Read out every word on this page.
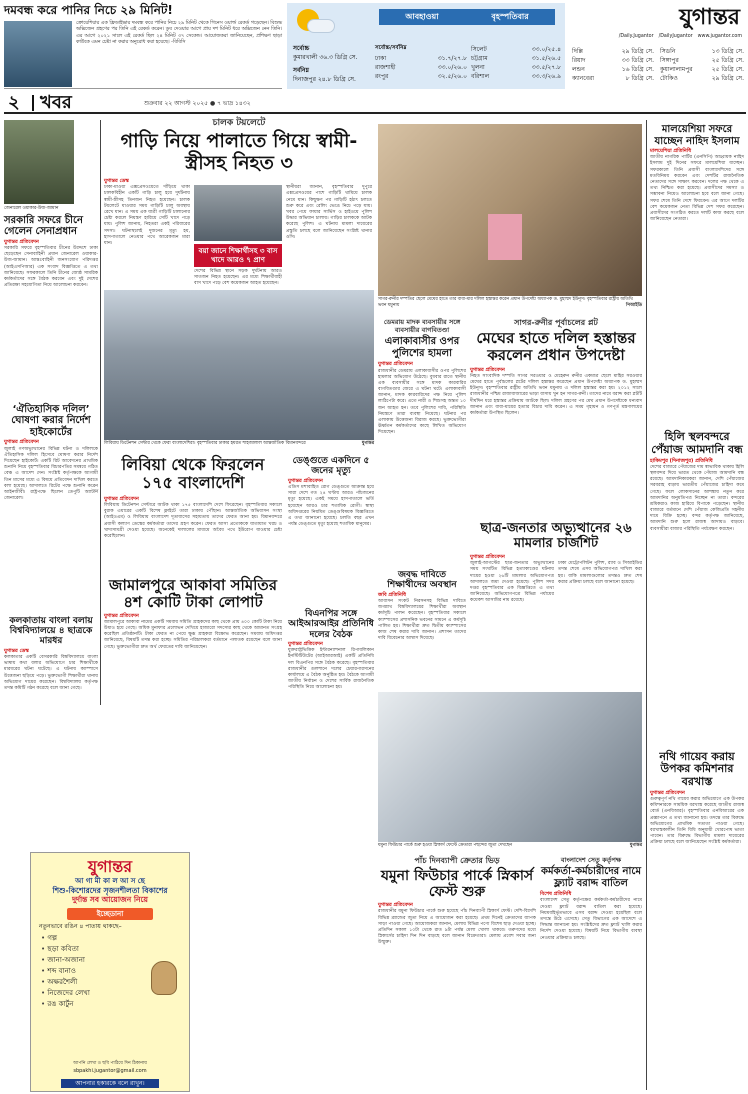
দমবন্ধ করে পানির নিচে ২৯ মিনিট!
ক্রোয়েশিয়ার এক ফ্রিডাইভার দমবন্ধ করে পানির নিচে ২৯ মিনিট থেকে গিনেস ওয়ার্ল্ড রেকর্ড গড়েছেন। বিশুদ্ধ অক্সিজেন গ্রহণের পর তিনি এই রেকর্ড করেন। ডুব দেওয়ার আগে প্রায় দশ মিনিট ধরে অক্সিজেন নেন তিনি। এর আগে ২০২১ সালে এই রেকর্ড ছিল ২৪ মিনিট ৩৭ সেকেন্ড। আয়োজকরা জানিয়েছেন, প্রশিক্ষণ ছাড়া কাউকে এমন চেষ্টা না করার অনুরোধ করা হয়েছে। -বিবিসি
আবহাওয়া	বৃহস্পতিবার
সর্বোচ্চ
কুমারখালী ৩৬.৩ ডিগ্রি সে.
সর্বনিম্ন
দিনাজপুর ২৪.৮ ডিগ্রি সে.
সর্বোচ্চ/সর্বনিম্ন
ঢাকা	৩১.৭/২৭.৮
রাজশাহী	৩৩.০/২৬.০
রংপুর	৩২.৫/২৬.০
সিলেট	৩৩.০/২৫.৪
চট্টগ্রাম	৩১.৫/২৬.৫
খুলনা	৩৩.৫/২৭.৮
বরিশাল	৩৩.৩/২৬.৯
যুগান্তর
/Daily.Jugantor /DailyJugantor www.jugantor.com
দিল্লি	২৯ ডিগ্রি সে.
রিয়াদ	৩৩ ডিগ্রি সে.
লন্ডন	১৬ ডিগ্রি সে.
ক্যানবেরা	৮ ডিগ্রি সে.
সিডনি	১৩ ডিগ্রি সে.
সিঙ্গাপুর	২৫ ডিগ্রি সে.
কুয়ালালামপুর	২৫ ডিগ্রি সে.
টোকিও	২৯ ডিগ্রি সে.
২ খবর	শুক্রবার ২২ আগস্ট ২০২৫ ● ৭ ভাদ্র ১৪৩২
জেনারেল ওয়াকার-উজ-জামান
সরকারি সফরে চীনে গেলেন সেনাপ্রধান
যুগান্তর প্রতিবেদন
সরকারি সফরে বৃহস্পতিবার চীনের উদ্দেশে ঢাকা ছেড়েছেন সেনাবাহিনী প্রধান জেনারেল ওয়াকার-উজ-জামান। আন্তঃবাহিনী জনসংযোগ পরিদপ্তর (আইএসপিআর) এক সংবাদ বিজ্ঞপ্তিতে এ তথ্য জানিয়েছে। সফরকালে তিনি চীনের জ্যেষ্ঠ সামরিক কর্মকর্তাদের সঙ্গে বৈঠক করবেন এবং দুই দেশের প্রতিরক্ষা সহযোগিতা নিয়ে আলোচনা করবেন।
‘ঐতিহাসিক দলিল’ ঘোষণা করার নির্দেশ হাইকোর্টের
যুগান্তর প্রতিবেদন
জুলাই গণঅভ্যুত্থানের বিভিন্ন ঘটনা ও দলিলকে ঐতিহাসিক দলিল হিসেবে ঘোষণা করার নির্দেশ দিয়েছেন হাইকোর্ট। একটি রিট আবেদনের প্রাথমিক শুনানি নিয়ে বৃহস্পতিবার বিচারপতির সমন্বয়ে গঠিত বেঞ্চ এ আদেশ দেন। সংশ্লিষ্ট কর্তৃপক্ষকে আগামী তিন মাসের মধ্যে এ বিষয়ে প্রতিবেদন দাখিল করতে বলা হয়েছে। আদালতে রিটের পক্ষে শুনানি করেন আইনজীবী। রাষ্ট্রপক্ষে ছিলেন ডেপুটি অ্যাটর্নি জেনারেল।
কলকাতায় বাংলা বলায় বিশ্ববিদ্যালয়ে ৪ ছাত্রকে মারধর
যুগান্তর ডেস্ক
কলকাতার একটি বেসরকারি বিশ্ববিদ্যালয়ে বাংলা ভাষায় কথা বলার অভিযোগে চার শিক্ষার্থীকে মারধরের ঘটনা ঘটেছে। এ ঘটনায় ক্যাম্পাসে উত্তেজনা ছড়িয়ে পড়ে। ভুক্তভোগী শিক্ষার্থীরা থানায় অভিযোগ দায়ের করেছেন। বিশ্ববিদ্যালয় কর্তৃপক্ষ তদন্ত কমিটি গঠন করেছে বলে জানা গেছে।
চালক টয়লেটে
গাড়ি নিয়ে পালাতে গিয়ে স্বামী-স্ত্রীসহ নিহত ৩
যুগান্তর ডেস্ক
ঢাকা-মাওয়া এক্সপ্রেসওয়েতে দাঁড়িয়ে থাকা চালকবিহীন একটি গাড়ি চালু হয়ে দুর্ঘটনায় স্বামী-স্ত্রীসহ তিনজন নিহত হয়েছেন। চালক টয়লেটে যাওয়ার সময় গাড়িটি চালু অবস্থায় রেখে যান। এ সময় এক যাত্রী গাড়িটি চালানোর চেষ্টা করলে নিয়ন্ত্রণ হারিয়ে সেটি খাদে পড়ে যায়। পুলিশ জানায়, নিহতরা একই পরিবারের সদস্য। ঘটনাস্থলেই দুজনের মৃত্যু হয়, হাসপাতালে নেওয়ার পথে আরেকজন মারা যান।
বয়া জানে শিক্ষার্থীসহ ৩ বাস খাদে আরও ৭ প্রাণ
দেশের বিভিন্ন স্থানে সড়ক দুর্ঘটনায় আরও সাতজন নিহত হয়েছেন। এর মধ্যে শিক্ষার্থীবাহী বাস খাদে পড়ে বেশ কয়েকজন আহত হয়েছেন।
স্থানীয়রা জানান, বৃহস্পতিবার দুপুরে এক্সপ্রেসওয়ের পাশে গাড়িটি থামিয়ে চালক নেমে যান। কিছুক্ষণ পর গাড়িটি হঠাৎ চলতে শুরু করে এবং রেলিং ভেঙে নিচে পড়ে যায়। খবর পেয়ে ফায়ার সার্ভিস ও হাইওয়ে পুলিশ উদ্ধার অভিযান চালায়। গাড়ির চালককে আটক করেছে পুলিশ। এ ঘটনায় মামলা দায়েরের প্রস্তুতি চলছে বলে জানিয়েছেন সংশ্লিষ্ট থানার ওসি।
লিবিয়ায় ডিটেনশন সেন্টার থেকে ফেরা বাংলাদেশিরা। বৃহস্পতিবার ঢাকার হযরত শাহজালাল আন্তর্জাতিক বিমানবন্দরে	যুগান্তর
লিবিয়া থেকে ফিরলেন ১৭৫ বাংলাদেশি
যুগান্তর প্রতিবেদন
লিবিয়ায় ডিটেনশন সেন্টারে আটক থাকা ১৭৫ বাংলাদেশি দেশে ফিরেছেন। বৃহস্পতিবার সকালে বুরাক এয়ারের একটি বিশেষ ফ্লাইটে তারা ঢাকায় পৌঁছান। আন্তর্জাতিক অভিবাসন সংস্থা (আইওএম) ও লিবিয়ায় বাংলাদেশ দূতাবাসের সহায়তায় তাদের ফেরত আনা হয়। বিমানবন্দরে প্রবাসী কল্যাণ ডেস্কের কর্মকর্তারা তাদের গ্রহণ করেন। ফেরত আসা প্রত্যেককে যাতায়াত খরচ ও খাদ্যসামগ্রী দেওয়া হয়েছে। অনেকেই দালালের মাধ্যমে অবৈধ পথে ইউরোপ যাওয়ার চেষ্টা করেছিলেন।
জামালপুরে আকাবা সমিতির ৪শ কোটি টাকা লোপাট
যুগান্তর প্রতিবেদন
জামালপুরে আকাবা নামের একটি সমবায় সমিতি গ্রাহকদের কাছ থেকে প্রায় ৪০০ কোটি টাকা নিয়ে উধাও হয়ে গেছে। অধিক মুনাফার প্রলোভন দেখিয়ে হাজারো সদস্যের কাছ থেকে আমানত সংগ্রহ করেছিল প্রতিষ্ঠানটি। টাকা ফেরত না পেয়ে ক্ষুব্ধ গ্রাহকরা বিক্ষোভ করেছেন। সমবায় অধিদপ্তর জানিয়েছে, বিষয়টি তদন্ত করা হচ্ছে। সমিতির পরিচালকরা বর্তমানে পলাতক রয়েছেন বলে জানা গেছে। ভুক্তভোগীরা দ্রুত অর্থ ফেরতের দাবি জানিয়েছেন।
ডেঙ্গুতে একদিনে ৫ জনের মৃত্যু
যুগান্তর প্রতিবেদন
এডিস মশাবাহিত রোগ ডেঙ্গুতে আক্রান্ত হয়ে সারা দেশে গত ২৪ ঘণ্টায় আরও পাঁচজনের মৃত্যু হয়েছে। একই সময়ে হাসপাতালে ভর্তি হয়েছেন আরও চার শতাধিক রোগী। স্বাস্থ্য অধিদপ্তরের নিয়মিত ডেঙ্গুবিষয়ক বিজ্ঞপ্তিতে এ তথ্য জানানো হয়েছে। চলতি বছর এখন পর্যন্ত ডেঙ্গুতে মৃত্যু হয়েছে শতাধিক মানুষের।
বিএনপির সঙ্গে আইআরআইর প্রতিনিধি দলের বৈঠক
যুগান্তর প্রতিবেদন
যুক্তরাষ্ট্রভিত্তিক ইন্টারন্যাশনাল রিপাবলিকান ইনস্টিটিউটের (আইআরআই) একটি প্রতিনিধি দল বিএনপির সঙ্গে বৈঠক করেছে। বৃহস্পতিবার রাজধানীর গুলশানে দলের চেয়ারপারসনের কার্যালয়ে এ বৈঠক অনুষ্ঠিত হয়। বৈঠকে আগামী জাতীয় নির্বাচন ও দেশের সার্বিক রাজনৈতিক পরিস্থিতি নিয়ে আলোচনা হয়।
সাগর-রুনীর দম্পতির ছেলে মেঘের হাতে তার বাবা-মার দলিল হস্তান্তর করেন প্রধান উপদেষ্টা অধ্যাপক ড. মুহাম্মদ ইউনূস। বৃহস্পতিবার রাষ্ট্রীয় অতিথি ভবন যমুনায়	পিআইডি
সাগর-রুনীর পূর্বাচলের প্লট
মেঘের হাতে দলিল হস্তান্তর করলেন প্রধান উপদেষ্টা
যুগান্তর প্রতিবেদন
নিহত সাংবাদিক দম্পতি সাগর সরওয়ার ও মেহেরুন রুনীর একমাত্র ছেলে মাহির সরওয়ার মেঘের হাতে পূর্বাচলের প্লটের দলিল হস্তান্তর করেছেন প্রধান উপদেষ্টা অধ্যাপক ড. মুহাম্মদ ইউনূস। বৃহস্পতিবার রাষ্ট্রীয় অতিথি ভবন যমুনায় এ দলিল হস্তান্তর করা হয়। ২০১২ সালে রাজধানীর পশ্চিম রাজাবাজারের ভাড়া বাসায় খুন হন সাগর-রুনী। তাদের নামে বরাদ্দ করা প্লটটি দীর্ঘদিন ধরে হস্তান্তর প্রক্রিয়ায় আটকে ছিল। দলিল গ্রহণের পর মেঘ প্রধান উপদেষ্টাকে ধন্যবাদ জানান এবং বাবা-মায়ের হত্যার বিচার দাবি করেন। এ সময় গৃহায়ন ও গণপূর্ত মন্ত্রণালয়ের কর্মকর্তারা উপস্থিত ছিলেন।
ডেমরায় মাদক ব্যবসায়ীর সঙ্গে ব্যবসায়ীর বাগবিতণ্ডা
এলাকাবাসীর ওপর পুলিশের হামলা
যুগান্তর প্রতিবেদন
রাজধানীর ডেমরায় এলাকাবাসীর ওপর পুলিশের হামলার অভিযোগ উঠেছে। বুধবার রাতে স্থানীয় এক ব্যবসায়ীর সঙ্গে মাদক কারবারির বাগবিতণ্ডার জেরে এ ঘটনা ঘটে। এলাকাবাসী জানান, মাদক কারবারিদের পক্ষ নিয়ে পুলিশ লাঠিপেটা করে। এতে নারী ও শিশুসহ অন্তত ১০ জন আহত হন। তবে পুলিশের দাবি, পরিস্থিতি নিয়ন্ত্রণে তারা ব্যবস্থা নিয়েছে। ঘটনার পর এলাকায় উত্তেজনা বিরাজ করছে। ভুক্তভোগীরা ঊর্ধ্বতন কর্মকর্তাদের কাছে লিখিত অভিযোগ দিয়েছেন।
জবদ্ধ দাবিতে শিক্ষাথীদের অবস্থান
জবি প্রতিনিধি
আবাসন সংকট নিরসনসহ বিভিন্ন দাবিতে জগন্নাথ বিশ্ববিদ্যালয়ের শিক্ষার্থীরা অবস্থান কর্মসূচি পালন করেছেন। বৃহস্পতিবার সকালে ক্যাম্পাসের প্রশাসনিক ভবনের সামনে এ কর্মসূচি পালিত হয়। শিক্ষার্থীরা দ্রুত দ্বিতীয় ক্যাম্পাসের কাজ শেষ করার দাবি জানান। প্রশাসন তাদের দাবি বিবেচনার আশ্বাস দিয়েছে।
ছাত্র-জনতার অভ্যুত্থানের ২৬ মামলার চার্জশিট
যুগান্তর প্রতিবেদন
জুলাই-আগস্টের ছাত্র-জনতার অভ্যুত্থানের সময় সংঘটিত বিভিন্ন হত্যাকাণ্ডের ঘটনায় দায়ের হওয়া ২৬টি মামলার অভিযোগপত্র আদালতে জমা দেওয়া হয়েছে। পুলিশ সদর দপ্তর বৃহস্পতিবার এক বিজ্ঞপ্তিতে এ তথ্য জানিয়েছে। অভিযোগপত্রে বিভিন্ন পর্যায়ের কয়েকশ আসামির নাম রয়েছে।
ঢাকা মেট্রোপলিটন পুলিশ, র‌্যাব ও সিআইডির তদন্ত শেষে এসব অভিযোগপত্র দাখিল করা হয়। বাকি মামলাগুলোর তদন্তও দ্রুত শেষ করার প্রক্রিয়া চলছে বলে জানানো হয়েছে।
যমুনা ফিউচার পার্কে শুরু হওয়া স্নিকার্স ফেস্টে ক্রেতারা পছন্দের জুতা দেখছেন	যুগান্তর
পাঁচ দিনব্যাপী ক্রেতার ভিড়
যমুনা ফিউচার পার্কে স্নিকার্স ফেস্ট শুরু
যুগান্তর প্রতিবেদন
রাজধানীর যমুনা ফিউচার পার্কে শুরু হয়েছে পাঁচ দিনব্যাপী স্নিকার্স ফেস্ট। দেশি-বিদেশি বিভিন্ন ব্র্যান্ডের জুতা নিয়ে এ আয়োজন করা হয়েছে। প্রথম দিনেই ক্রেতাদের ব্যাপক সাড়া পাওয়া গেছে। আয়োজকরা জানান, মেলায় বিভিন্ন পণ্যে বিশেষ ছাড় দেওয়া হচ্ছে। প্রতিদিন সকাল ১০টা থেকে রাত ৯টা পর্যন্ত মেলা খোলা থাকবে। তরুণদের মধ্যে স্নিকার্সের চাহিদা দিন দিন বাড়ছে বলে জানান বিক্রেতারা। মেলায় প্রবেশ সবার জন্য উন্মুক্ত।
বাংলাদেশ সেতু কর্তৃপক্ষ
কর্মকর্তা-কর্মচারীদের নামে ফ্ল্যাট বরাদ্দ বাতিল
বিশেষ প্রতিনিধি
বাংলাদেশ সেতু কর্তৃপক্ষের কর্মকর্তা-কর্মচারীদের নামে দেওয়া ফ্ল্যাট বরাদ্দ বাতিল করা হয়েছে। নিয়মবহির্ভূতভাবে এসব বরাদ্দ দেওয়া হয়েছিল বলে তদন্তে উঠে এসেছে। সেতু বিভাগের এক আদেশে এ সিদ্ধান্ত জানানো হয়। সংশ্লিষ্টদের দ্রুত ফ্ল্যাট খালি করার নির্দেশ দেওয়া হয়েছে। বিষয়টি নিয়ে বিভাগীয় ব্যবস্থা নেওয়ার প্রক্রিয়াও চলছে।
মালয়েশিয়া সফরে যাচ্ছেন নাহিদ ইসলাম
মালয়েশিয়া প্রতিনিধি
জাতীয় নাগরিক পার্টির (এনসিপি) আহ্বায়ক নাহিদ ইসলাম দুই দিনের সফরে মালয়েশিয়া যাচ্ছেন। সফরকালে তিনি প্রবাসী বাংলাদেশিদের সঙ্গে মতবিনিময় করবেন এবং দেশটির রাজনৈতিক নেতাদের সঙ্গে সাক্ষাৎ করবেন। দলের পক্ষ থেকে এ তথ্য নিশ্চিত করা হয়েছে। প্রবাসীদের সমস্যা ও সম্ভাবনা নিয়েও আলোচনা হবে বলে জানা গেছে। সফর শেষে তিনি দেশে ফিরবেন। এর আগে দলটির বেশ কয়েকজন নেতা বিভিন্ন দেশ সফর করেছেন। প্রবাসীদের সংগঠিত করতে দলটি কাজ করছে বলে জানিয়েছেন নেতারা।
হিলি স্থলবন্দরে পেঁয়াজ আমদানি বন্ধ
হাকিমপুর (দিনাজপুর) প্রতিনিধি
দেশের বাজারে পেঁয়াজের দাম স্বাভাবিক থাকায় হিলি স্থলবন্দর দিয়ে ভারত থেকে পেঁয়াজ আমদানি বন্ধ রয়েছে। আমদানিকারকরা জানান, দেশি পেঁয়াজের সরবরাহ বাড়ায় ভারতীয় পেঁয়াজের চাহিদা কমে গেছে। ফলে লোকসানের আশঙ্কায় নতুন করে আমদানির অনুমতিপত্র নিচ্ছেন না তারা। বন্দরের শ্রমিকরাও কাজ হারিয়ে বিপাকে পড়েছেন। স্থানীয় বাজারে বর্তমানে দেশি পেঁয়াজ কেজিপ্রতি সহনীয় দামে বিক্রি হচ্ছে। বন্দর কর্তৃপক্ষ জানিয়েছে, আমদানি শুরু হলে রাজস্ব আদায়ও বাড়বে। ব্যবসায়ীরা বাজার পরিস্থিতি পর্যবেক্ষণ করছেন।
নথি গায়েব করায় উপকর কমিশনার বরখাস্ত
যুগান্তর প্রতিবেদন
গুরুত্বপূর্ণ নথি গায়েব করার অভিযোগে এক উপকর কমিশনারকে সাময়িক বরখাস্ত করেছে জাতীয় রাজস্ব বোর্ড (এনবিআর)। বৃহস্পতিবার এনবিআরের এক প্রজ্ঞাপনে এ তথ্য জানানো হয়। তদন্তে তার বিরুদ্ধে অভিযোগের প্রাথমিক সত্যতা পাওয়া গেছে। বরখাস্তকালীন তিনি বিধি অনুযায়ী খোরপোষ ভাতা পাবেন। তার বিরুদ্ধে বিভাগীয় মামলা দায়েরের প্রক্রিয়া চলছে বলে জানিয়েছেন সংশ্লিষ্ট কর্মকর্তারা।
যুগান্তর
আ গা মী কা ল আ স ছে
শিশু-কিশোরদের সৃজনশীলতা বিকাশের
দুর্দান্ত সব আয়োজন নিয়ে
ইচ্ছেডানা
নতুনভাবে রঙিন ৪ পাতায় থাকছে–
• গল্প
• ছড়া কবিতা
• জানা-অজানা
• শব্দ বানাও
• অক্ষরশৈলী
• নিজেদের লেখা
• রঙ কার্টুন
আপনি লেখা ও ছবি পাঠিয়ে দিন ঠিকানায়
sbpakhi.jugantor@gmail.com
আপনার হকারকে বলে রাখুন।
